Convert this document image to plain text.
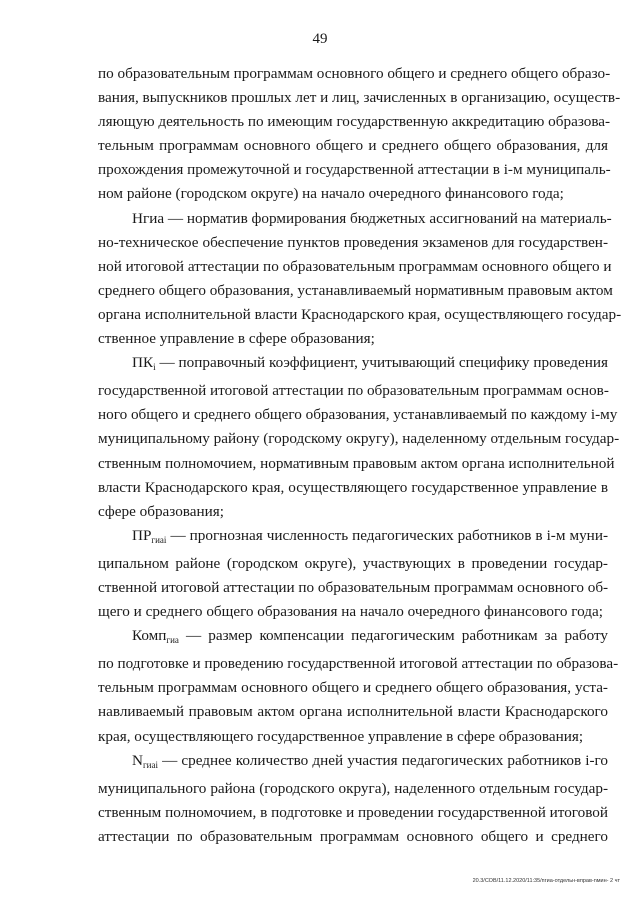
49
по образовательным программам основного общего и среднего общего образо-
вания, выпускников прошлых лет и лиц, зачисленных в организацию, осуществ-
ляющую деятельность по имеющим государственную аккредитацию образова-
тельным программам основного общего и среднего общего образования, для
прохождения промежуточной и государственной аттестации в i-м муниципаль-
ном районе (городском округе) на начало очередного финансового года;
Нгиа — норматив формирования бюджетных ассигнований на материаль-
но-техническое обеспечение пунктов проведения экзаменов для государствен-
ной итоговой аттестации по образовательным программам основного общего и
среднего общего образования, устанавливаемый нормативным правовым актом
органа исполнительной власти Краснодарского края, осуществляющего государ-
ственное управление в сфере образования;
$ПК_i$ — поправочный коэффициент, учитывающий специфику проведения
государственной итоговой аттестации по образовательным программам основ-
ного общего и среднего общего образования, устанавливаемый по каждому i-му
муниципальному району (городскому округу), наделенному отдельным государ-
ственным полномочием, нормативным правовым актом органа исполнительной
власти Краснодарского края, осуществляющего государственное управление в
сфере образования;
$ПР_{гиаi}$ — прогнозная численность педагогических работников в i-м муни-
ципальном районе (городском округе), участвующих в проведении государ-
ственной итоговой аттестации по образовательным программам основного об-
щего и среднего общего образования на начало очередного финансового года;
Комп$_{гиа}$ — размер компенсации педагогическим работникам за работу
по подготовке и проведению государственной итоговой аттестации по образова-
тельным программам основного общего и среднего общего образования, уста-
навливаемый правовым актом органа исполнительной власти Краснодарского
края, осуществляющего государственное управление в сфере образования;
$N_{гиаi}$ — среднее количество дней участия педагогических работников i-го
муниципального района (городского округа), наделенного отдельным государ-
ственным полномочием, в подготовке и проведении государственной итоговой
аттестации по образовательным программам основного общего и среднего
20.3/СОВ/11.12.2020/11:35/пгиа-отдельн-вправ-nмин- 2 чт
